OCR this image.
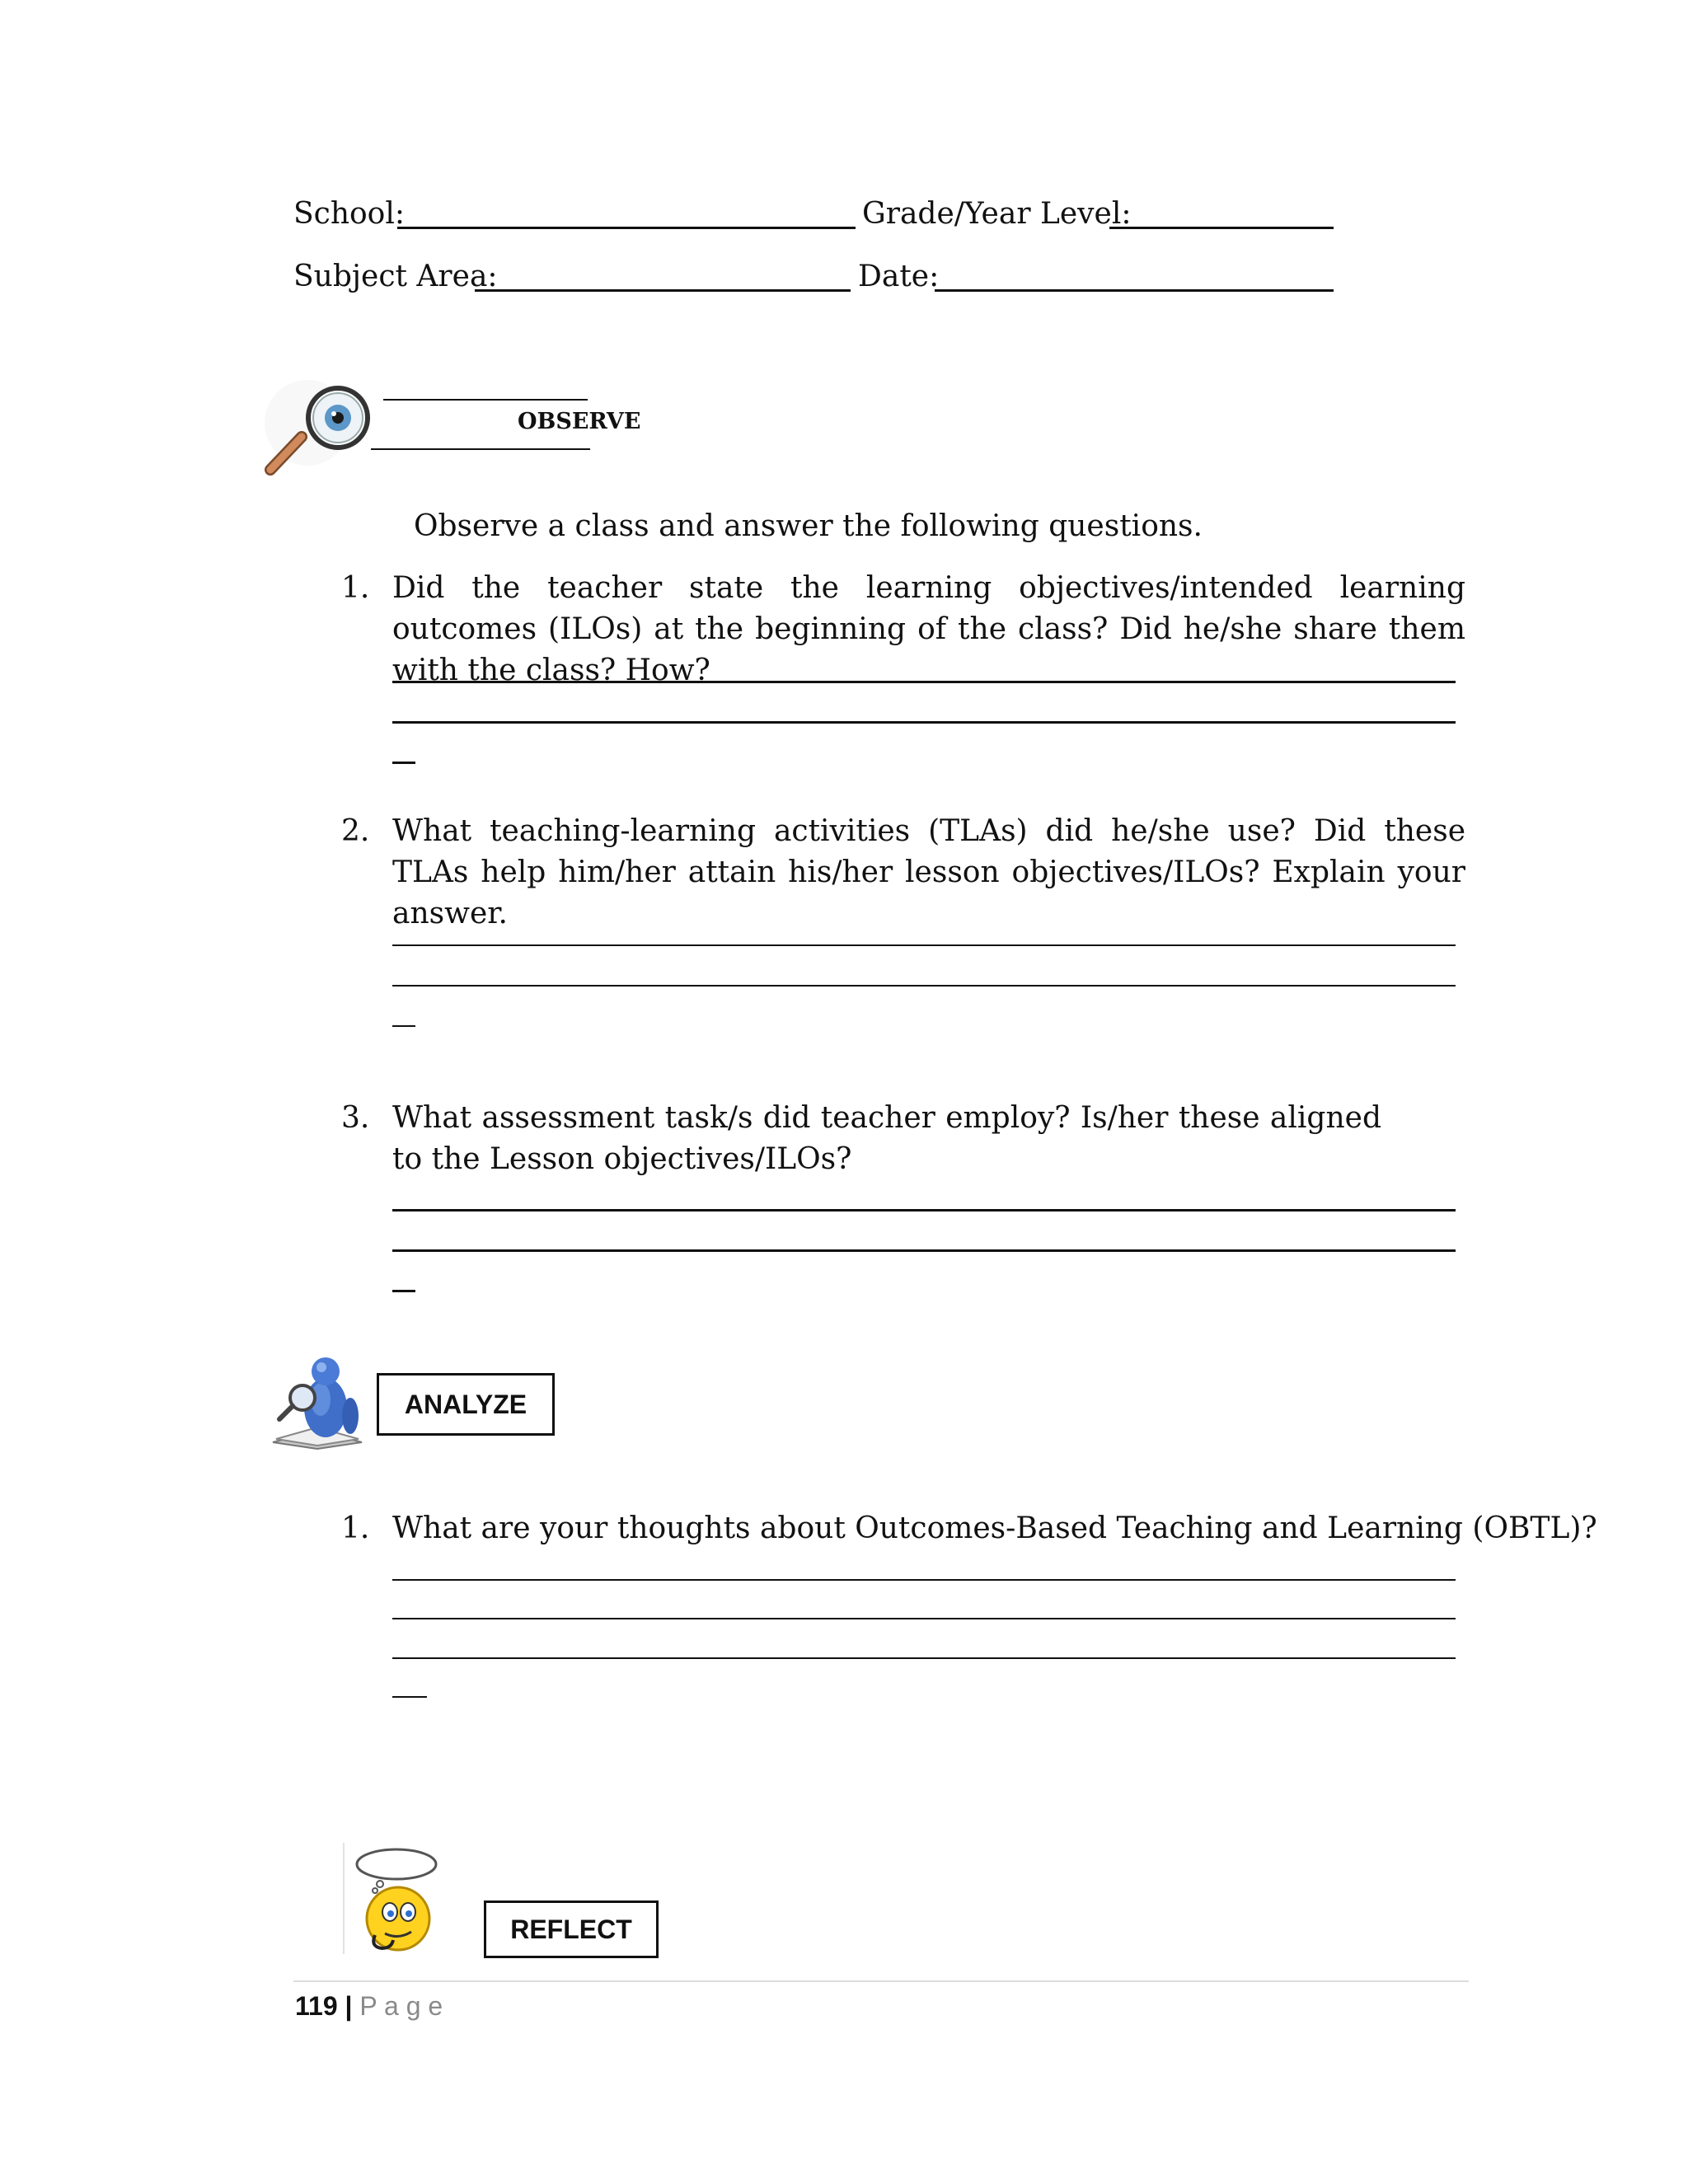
School:	Grade/Year Level:
Subject Area:	Date:
OBSERVE
Observe a class and answer the following questions.
1. Did the teacher state the learning objectives/intended learning outcomes (ILOs) at the beginning of the class? Did he/she share them with the class? How?
2. What teaching-learning activities (TLAs) did he/she use? Did these TLAs help him/her attain his/her lesson objectives/ILOs? Explain your answer.
3. What assessment task/s did teacher employ? Is/her these aligned to the Lesson objectives/ILOs?
ANALYZE
1. What are your thoughts about Outcomes-Based Teaching and Learning (OBTL)?
REFLECT
119 | P a g e
